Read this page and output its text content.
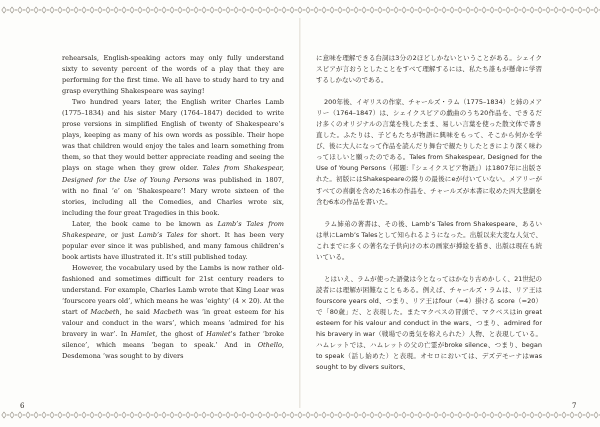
rehearsals, English-speaking actors may only fully understand sixty to seventy percent of the words of a play that they are performing for the first time. We all have to study hard to try and grasp everything Shakespeare was saying!

Two hundred years later, the English writer Charles Lamb (1775–1834) and his sister Mary (1764–1847) decided to write prose versions in simplified English of twenty of Shakespeare’s plays, keeping as many of his own words as possible. Their hope was that children would enjoy the tales and learn something from them, so that they would better appreciate reading and seeing the plays on stage when they grew older. Tales from Shakespear, Designed for the Use of Young Persons was published in 1807, with no final ‘e’ on ‘Shakespeare’! Mary wrote sixteen of the stories, including all the Comedies, and Charles wrote six, including the four great Tragedies in this book.

Later, the book came to be known as Lamb’s Tales from Shakespeare, or just Lamb’s Tales for short. It has been very popular ever since it was published, and many famous children’s book artists have illustrated it. It’s still published today.

However, the vocabulary used by the Lambs is now rather old-fashioned and sometimes difficult for 21st century readers to understand. For example, Charles Lamb wrote that King Lear was ‘fourscore years old’, which means he was ‘eighty’ (4 × 20). At the start of Macbeth, he said Macbeth was ‘in great esteem for his valour and conduct in the wars’, which means ‘admired for his bravery in war’. In Hamlet, the ghost of Hamlet’s father ‘broke silence’, which means ‘began to speak.’ And in Othello, Desdemona ‘was sought to by divers

に意味を理解できる台詞は3分の2ほどしかないということがある。シェイクスピアが言おうとしたことをすべて理解するには、私たち誰もが懸命に学習するしかないのである。

200年後、イギリスの作家、チャールズ・ラム（1775–1834）と姉のメアリー（1764–1847）は、シェイクスピアの戯曲のうち20作品を、できるだけ多くのオリジナルの言葉を残したまま、易しい言葉を使った散文体で書き直した。ふたりは、子どもたちが物語に興味をもって、そこから何かを学び、後に大人になって作品を読んだり舞台で観たりしたときにより深く味わってほしいと願ったのである。Tales from Shakespear, Designed for the Use of Young Persons（邦題:『シェイクスピア物語』）は1807年に出版された。初版にはShakespeareの綴りの最後にeが付いていない。メアリーがすべての喜劇を含めた16本の作品を、チャールズが本書に収めた四大悲劇を含む6本の作品を書いた。

ラム姉弟の著書は、その後、Lamb’s Tales from Shakespeare、あるいは単にLamb’s Talesとして知られるようになった。出版以来大変な人気で、これまでに多くの著名な子供向けの本の画家が挿絵を描き、出版は現在も続いている。

とはいえ、ラムが使った語彙は今となってはかなり古めかしく、21世紀の読者には理解が困難なこともある。例えば、チャールズ・ラムは、リア王はfourscore years old、つまり、リア王はfour（=4）掛ける score（=20）で「80歳」だ、と表現した。またマクベスの冒頭で、マクベスはin great esteem for his valour and conduct in the wars、つまり、admired for his bravery in war（戦場での勇気を称えられた）人物、と表現している。ハムレットでは、ハムレットの父の亡霊がbroke silence、つまり、began to speak（話し始めた）と表現。オセロにおいては、デズデモーナはwas sought to by divers suitors、

6	7
